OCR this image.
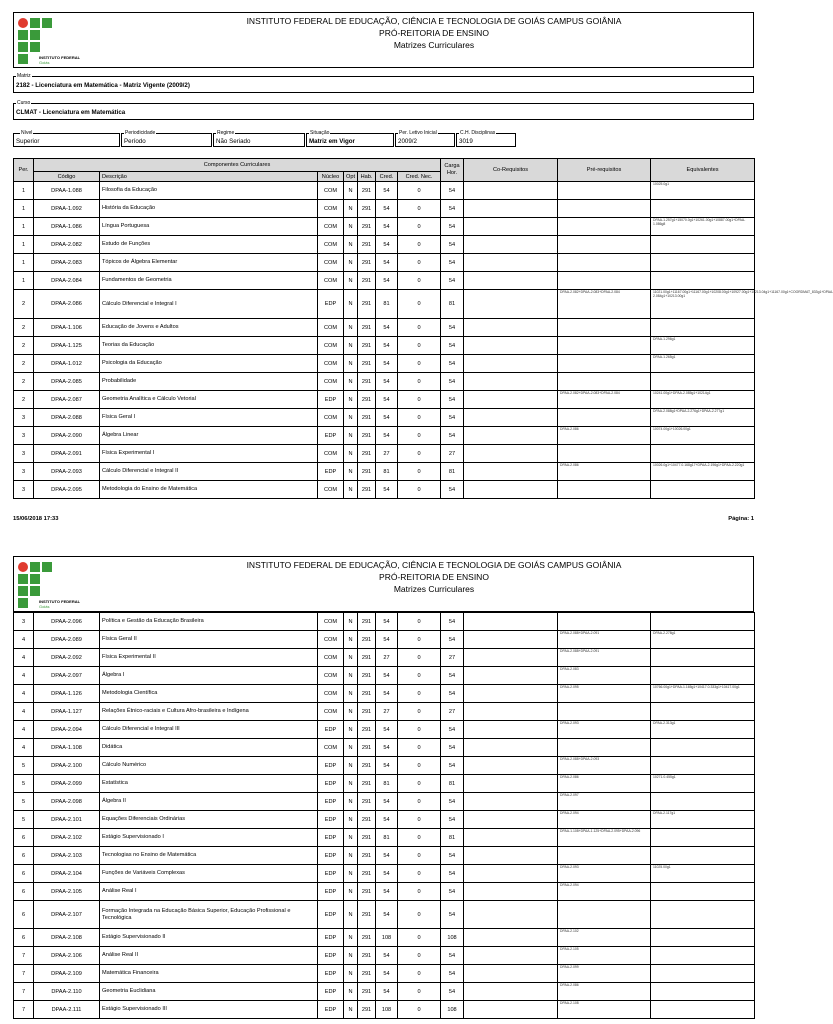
INSTITUTO FEDERAL
Goiás
INSTITUTO FEDERAL DE EDUCAÇÃO, CIÊNCIA E TECNOLOGIA DE GOIÁS CAMPUS GOIÂNIA
PRÓ-REITORIA DE ENSINO
Matrizes Curriculares
Matriz
2182 - Licenciatura em Matemática - Matriz Vigente (2009/2)
Curso
CLMAT - Licenciatura em Matemática
Nível
Superior
Periodicidade
Período
Regime
Não Seriado
Situação
Matriz em Vigor
Per. Letivo Inicial
2009/2
C.H. Disciplinas
3019
Per.	Componentes Curriculares							Carga Hor.	Co-Requisitos	Pré-requisitos	Equivalentes
	Código	Descrição	Núcleo	Opt	Hab.	Cred.	Cred. Nec.				
1	DPAA-1.088	Filosofia da Educação	COM	N	291	54	0	54			10025.0g1
1	DPAA-1.092	História da Educação	COM	N	291	54	0	54			
1	DPAA-1.086	Língua Portuguesa	COM	N	291	54	0	54			DPAA-1.257g1+15070.0g1+10261.00g1+10887.00g1+DPAA-1.086g8
1	DPAA-2.082	Estudo de Funções	COM	N	291	54	0	54			
1	DPAA-2.083	Tópicos de Álgebra Elementar	COM	N	291	54	0	54			
1	DPAA-2.084	Fundamentos de Geometria	COM	N	291	54	0	54			
2	DPAA-2.086	Cálculo Diferencial e Integral I	EDP	N	291	81	0	81		DPAA-2.082+DPAA-2.083+DPAA-2.084	11021.00g1+11167.00g1+11167.00g1+10208.00g1+10927.00g1+10213.04g1+11167.00g1+COORDMAT_833g1+DPAA-2.084g1+10213.00g1
2	DPAA-1.106	Educação de Jovens e Adultos	COM	N	291	54	0	54			
2	DPAA-1.125	Teorias da Educação	COM	N	291	54	0	54			DPAA-1.296g1
2	DPAA-1.012	Psicologia da Educação	COM	N	291	54	0	54			DPAA-1.265g1
2	DPAA-2.085	Probabilidade	COM	N	291	54	0	54			
2	DPAA-2.087	Geometria Analítica e Cálculo Vetorial	EDP	N	291	54	0	54		DPAA-2.082+DPAA-2.083+DPAA-2.084	10241.00g1+DPAA-2.085g1+10214g1
3	DPAA-2.088	Física Geral I	COM	N	291	54	0	54			DPAA-2.088g1+DPAA-2.276g1+DPAA-2.277g1
3	DPAA-2.090	Álgebra Linear	EDP	N	291	54	0	54		DPAA-2.086	10074.00g1+10026.00g1
3	DPAA-2.091	Física Experimental I	COM	N	291	27	0	27			
3	DPAA-2.093	Cálculo Diferencial e Integral II	EDP	N	291	81	0	81		DPAA-2.086	10026.0g1+10477.0.168g17+DPAA-2.196g1+DPAA-2.220g1
3	DPAA-2.095	Metodologia do Ensino de Matemática	COM	N	291	54	0	54			
15/06/2018 17:33	Página: 1
INSTITUTO FEDERAL
Goiás
INSTITUTO FEDERAL DE EDUCAÇÃO, CIÊNCIA E TECNOLOGIA DE GOIÁS CAMPUS GOIÂNIA
PRÓ-REITORIA DE ENSINO
Matrizes Curriculares
3	DPAA-2.096	Política e Gestão da Educação Brasileira	COM	N	291	54	0	54			
4	DPAA-2.089	Física Geral II	COM	N	291	54	0	54		DPAA-2.088+DPAA-2.091	DPAA-2.278g1
4	DPAA-2.092	Física Experimental II	COM	N	291	27	0	27		DPAA-2.088+DPAA-2.091	
4	DPAA-2.097	Álgebra I	COM	N	291	54	0	54		DPAA-2.083	
4	DPAA-1.126	Metodologia Científica	COM	N	291	54	0	54		DPAA-2.095	10766.00g1+DPAA-1.165g1+10417.0.333g1+10417.00g1
4	DPAA-1.127	Relações Étnico-raciais e Cultura Afro-brasileira e Indígena	COM	N	291	27	0	27			
4	DPAA-2.094	Cálculo Diferencial e Integral III	EDP	N	291	54	0	54		DPAA-2.093	DPAA-2.313g1
4	DPAA-1.108	Didática	COM	N	291	54	0	54			
5	DPAA-2.100	Cálculo Numérico	EDP	N	291	54	0	54		DPAA-2.088+DPAA-2.093	
5	DPAA-2.099	Estatística	EDP	N	291	81	0	81		DPAA-2.086	10271.0.455g1
5	DPAA-2.098	Álgebra II	EDP	N	291	54	0	54		DPAA-2.097	
5	DPAA-2.101	Equações Diferenciais Ordinárias	EDP	N	291	54	0	54		DPAA-2.094	DPAA-2.117g1
6	DPAA-2.102	Estágio Supervisionado I	EDP	N	291	81	0	81		DPAA-1.108+DPAA-1.125+DPAA-2.095+DPAA-2.096	
6	DPAA-2.103	Tecnologias no Ensino de Matemática	EDP	N	291	54	0	54			
6	DPAA-2.104	Funções de Variáveis Complexas	EDP	N	291	54	0	54		DPAA-2.093	11025.00g1
6	DPAA-2.105	Análise Real I	EDP	N	291	54	0	54		DPAA-2.094	
6	DPAA-2.107	Formação Integrada na Educação Básica Superior, Educação Profissional e Tecnológica	EDP	N	291	54	0	54			
6	DPAA-2.108	Estágio Supervisionado II	EDP	N	291	108	0	108		DPAA-2.102	
7	DPAA-2.106	Análise Real II	EDP	N	291	54	0	54		DPAA-2.105	
7	DPAA-2.109	Matemática Financeira	EDP	N	291	54	0	54		DPAA-2.099	
7	DPAA-2.110	Geometria Euclidiana	EDP	N	291	54	0	54		DPAA-2.086	
7	DPAA-2.111	Estágio Supervisionado III	EDP	N	291	108	0	108		DPAA-2.108	
